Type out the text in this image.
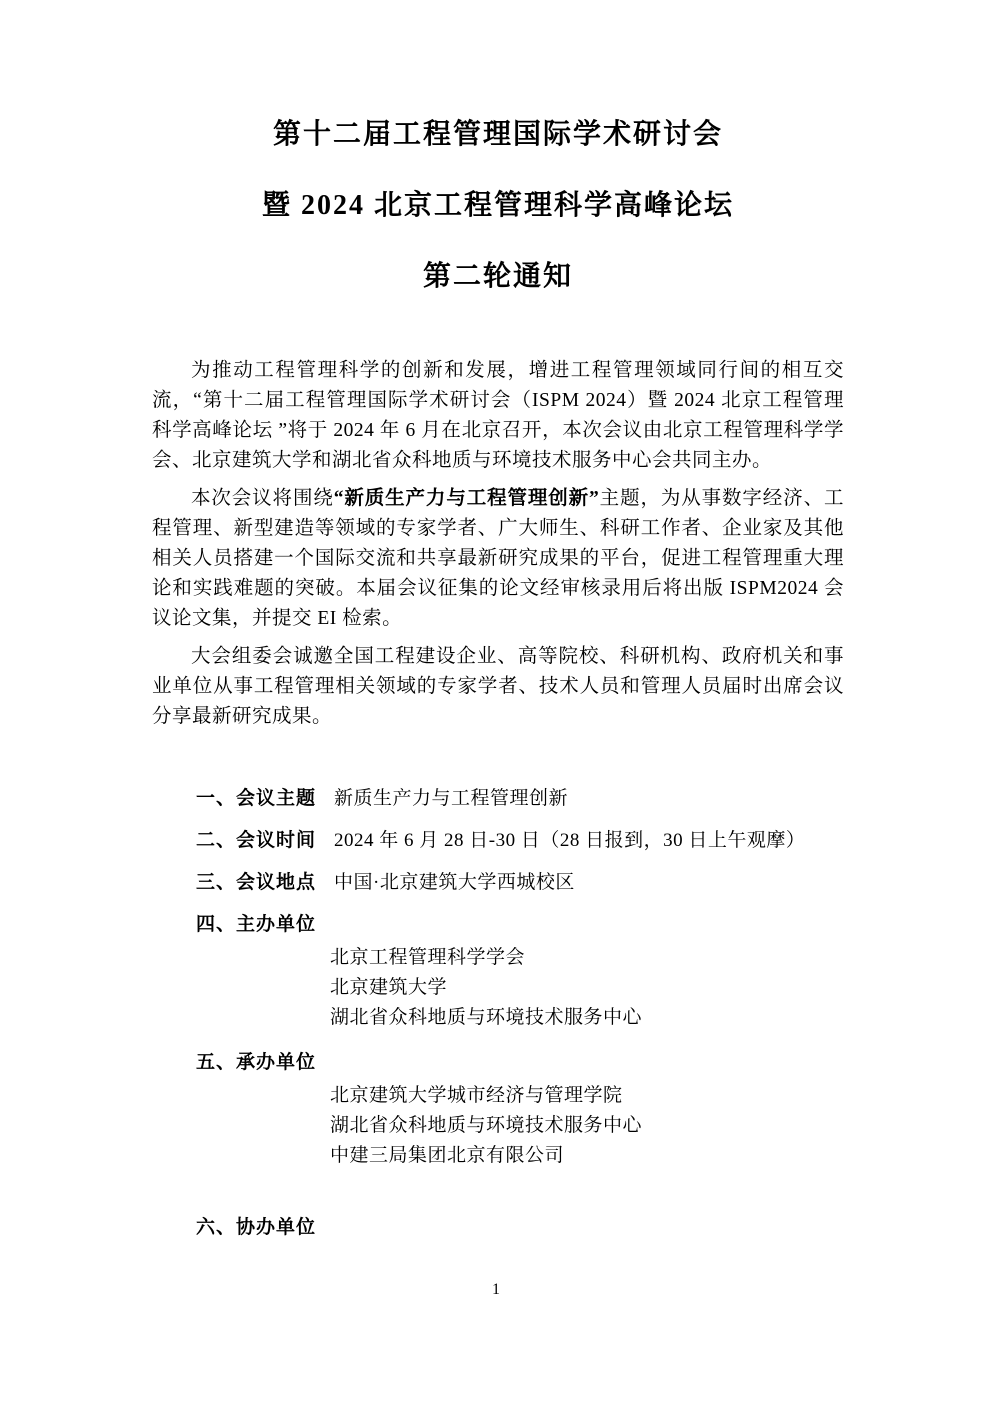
第十二届工程管理国际学术研讨会
暨 2024 北京工程管理科学高峰论坛
第二轮通知

为推动工程管理科学的创新和发展，增进工程管理领域同行间的相互交流，“第十二届工程管理国际学术研讨会（ISPM 2024）暨 2024 北京工程管理科学高峰论坛 ”将于 2024 年 6 月在北京召开，本次会议由北京工程管理科学学会、北京建筑大学和湖北省众科地质与环境技术服务中心会共同主办。

本次会议将围绕“新质生产力与工程管理创新”主题，为从事数字经济、工程管理、新型建造等领域的专家学者、广大师生、科研工作者、企业家及其他相关人员搭建一个国际交流和共享最新研究成果的平台，促进工程管理重大理论和实践难题的突破。本届会议征集的论文经审核录用后将出版 ISPM2024 会议论文集，并提交 EI 检索。

大会组委会诚邀全国工程建设企业、高等院校、科研机构、政府机关和事业单位从事工程管理相关领域的专家学者、技术人员和管理人员届时出席会议分享最新研究成果。

一、会议主题 新质生产力与工程管理创新
二、会议时间 2024 年 6 月 28 日-30 日（28 日报到，30 日上午观摩）
三、会议地点 中国·北京建筑大学西城校区
四、主办单位
北京工程管理科学学会
北京建筑大学
湖北省众科地质与环境技术服务中心
五、承办单位
北京建筑大学城市经济与管理学院
湖北省众科地质与环境技术服务中心
中建三局集团北京有限公司
六、协办单位
1
